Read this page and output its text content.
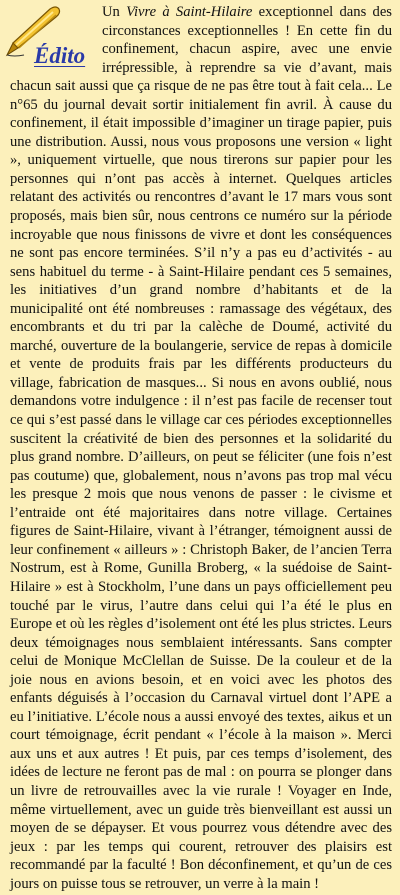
Édito

Un Vivre à Saint-Hilaire exceptionnel dans des circonstances exceptionnelles ! En cette fin du confinement, chacun aspire, avec une envie irrépressible, à reprendre sa vie d’avant, mais chacun sait aussi que ça risque de ne pas être tout à fait cela... Le n°65 du journal devait sortir initialement fin avril. À cause du confinement, il était impossible d’imaginer un tirage papier, puis une distribution. Aussi, nous vous proposons une version « light », uniquement virtuelle, que nous tirerons sur papier pour les personnes qui n’ont pas accès à internet. Quelques articles relatant des activités ou rencontres d’avant le 17 mars vous sont proposés, mais bien sûr, nous centrons ce numéro sur la période incroyable que nous finissons de vivre et dont les conséquences ne sont pas encore terminées. S’il n’y a pas eu d’activités - au sens habituel du terme - à Saint-Hilaire pendant ces 5 semaines, les initiatives d’un grand nombre d’habitants et de la municipalité ont été nombreuses : ramassage des végétaux, des encombrants et du tri par la calèche de Doumé, activité du marché, ouverture de la boulangerie, service de repas à domicile et vente de produits frais par les différents producteurs du village, fabrication de masques... Si nous en avons oublié, nous demandons votre indulgence : il n’est pas facile de recenser tout ce qui s’est passé dans le village car ces périodes exceptionnelles suscitent la créativité de bien des personnes et la solidarité du plus grand nombre. D’ailleurs, on peut se féliciter (une fois n’est pas coutume) que, globalement, nous n’avons pas trop mal vécu les presque 2 mois que nous venons de passer : le civisme et l’entraide ont été majoritaires dans notre village. Certaines figures de Saint-Hilaire, vivant à l’étranger, témoignent aussi de leur confinement « ailleurs » : Christoph Baker, de l’ancien Terra Nostrum, est à Rome, Gunilla Broberg, « la suédoise de Saint-Hilaire » est à Stockholm, l’une dans un pays officiellement peu touché par le virus, l’autre dans celui qui l’a été le plus en Europe et où les règles d’isolement ont été les plus strictes. Leurs deux témoignages nous semblaient intéressants. Sans compter celui de Monique McClellan de Suisse. De la couleur et de la joie nous en avions besoin, et en voici avec les photos des enfants déguisés à l’occasion du Carnaval virtuel dont l’APE a eu l’initiative. L’école nous a aussi envoyé des textes, aikus et un court témoignage, écrit pendant « l’école à la maison ». Merci aux uns et aux autres ! Et puis, par ces temps d’isolement, des idées de lecture ne feront pas de mal : on pourra se plonger dans un livre de retrouvailles avec la vie rurale ! Voyager en Inde, même virtuellement, avec un guide très bienveillant est aussi un moyen de se dépayser. Et vous pourrez vous détendre avec des jeux : par les temps qui courent, retrouver des plaisirs est recommandé par la faculté ! Bon déconfinement, et qu’un de ces jours on puisse tous se retrouver, un verre à la main !
